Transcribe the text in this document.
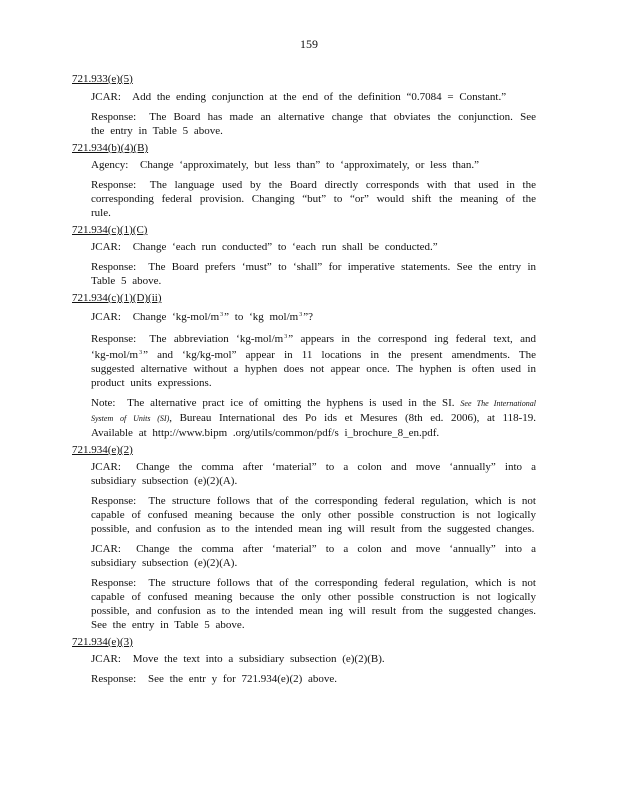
159
721.933(e)(5)

JCAR: Add the ending conjunction at the end of the definition “0.7084 = Constant.”

Response: The Board has made an alternative change that obviates the conjunction. See the entry in Table 5 above.

721.934(b)(4)(B)

Agency: Change ‘approximately, but less than” to ‘approximately, or less than.”

Response: The language used by the Board directly corresponds with that used in the corresponding federal provision. Changing “but” to “or” would shift the meaning of the rule.

721.934(c)(1)(C)

JCAR: Change ‘each run conducted” to ‘each run shall be conducted.”

Response: The Board prefers ‘must” to ‘shall” for imperative statements. See the entry in Table 5 above.

721.934(c)(1)(D)(ii)

JCAR: Change ‘$kg-mol/m^3$” to ‘kg mol/$m^3$”?

Response: The abbreviation ‘$kg-mol/m^3$” appears in the correspond ing federal text, and ‘$kg-mol/m^3$” and ‘kg/kg-mol” appear in 11 locations in the present amendments. The suggested alternative without a hyphen does not appear once. The hyphen is often used in product units expressions.

Note: The alternative pract ice of omitting the hyphens is used in the SI. See The International System of Units (SI), Bureau International des Po ids et Mesures (8th ed. 2006), at 118-19. Available at http://www.bipm .org/utils/common/pdf/s i_brochure_8_en.pdf.

721.934(e)(2)

JCAR: Change the comma after ‘material” to a colon and move ‘annually” into a subsidiary subsection (e)(2)(A).

Response: The structure follows that of the corresponding federal regulation, which is not capable of confused meaning because the only other possible construction is not logically possible, and confusion as to the intended mean ing will result from the suggested changes.

JCAR: Change the comma after ‘material” to a colon and move ‘annually” into a subsidiary subsection (e)(2)(A).

Response: The structure follows that of the corresponding federal regulation, which is not capable of confused meaning because the only other possible construction is not logically possible, and confusion as to the intended mean ing will result from the suggested changes. See the entry in Table 5 above.

721.934(e)(3)

JCAR: Move the text into a subsidiary subsection (e)(2)(B).

Response: See the entr y for 721.934(e)(2) above.
